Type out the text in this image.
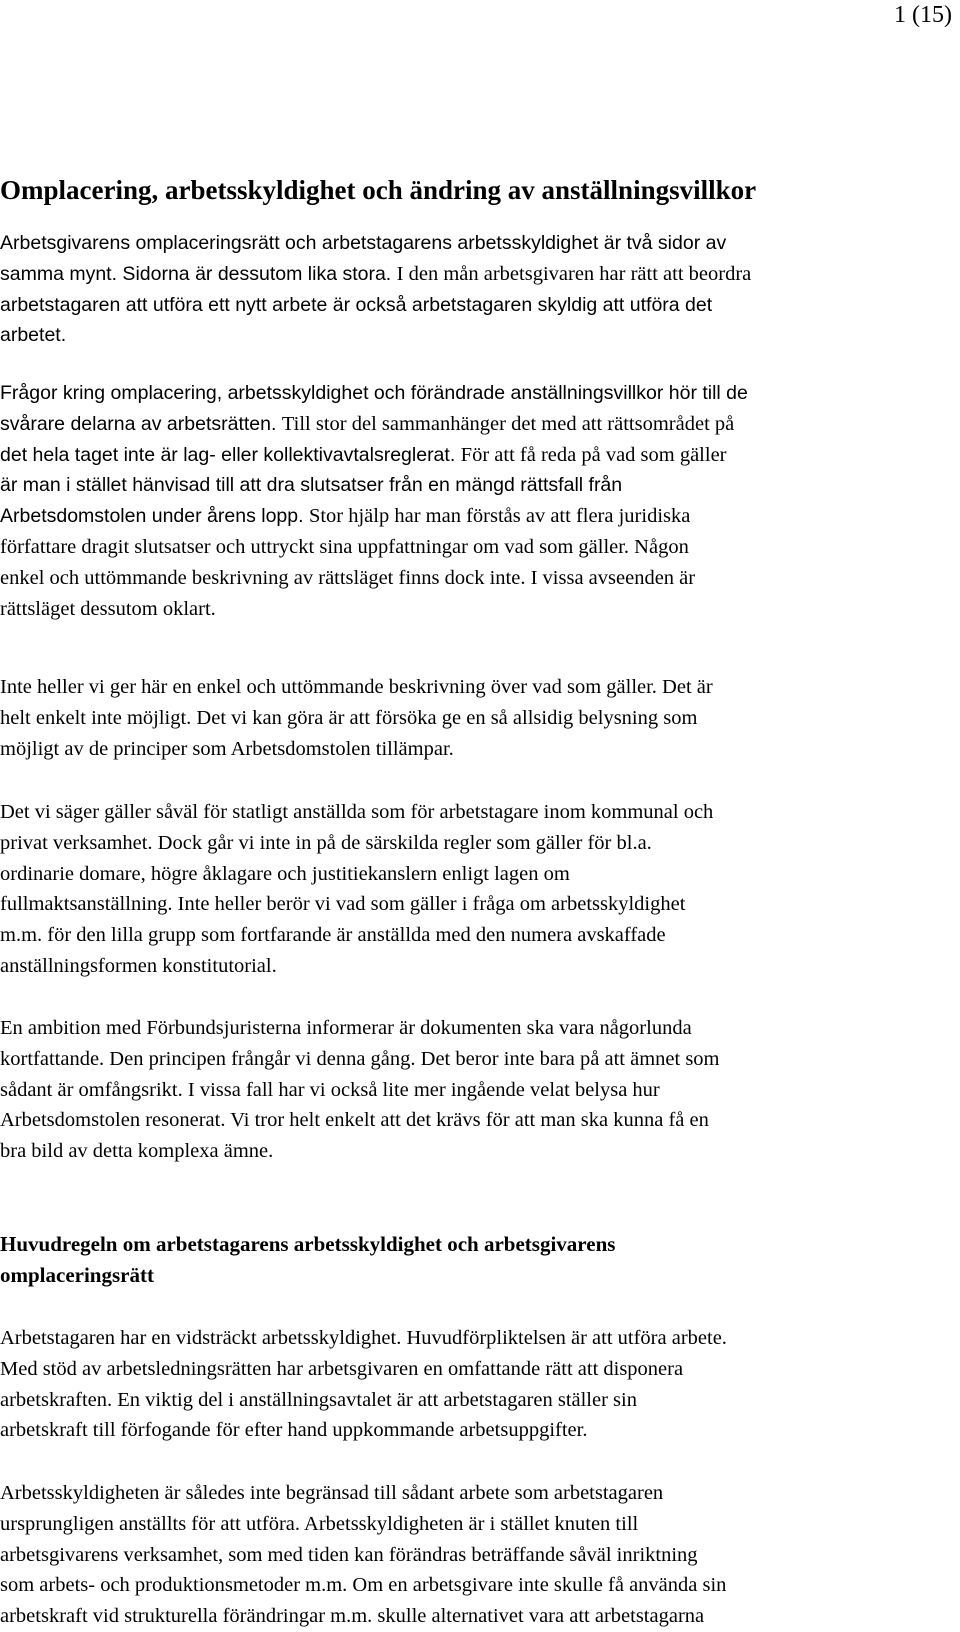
1 (15)
Omplacering, arbetsskyldighet och ändring av anställningsvillkor

Arbetsgivarens omplaceringsrätt och arbetstagarens arbetsskyldighet är två sidor av
samma mynt. Sidorna är dessutom lika stora. I den mån arbetsgivaren har rätt att beordra
arbetstagaren att utföra ett nytt arbete är också arbetstagaren skyldig att utföra det
arbetet.

Frågor kring omplacering, arbetsskyldighet och förändrade anställningsvillkor hör till de
svårare delarna av arbetsrätten. Till stor del sammanhänger det med att rättsområdet på
det hela taget inte är lag- eller kollektivavtalsreglerat. För att få reda på vad som gäller
är man i stället hänvisad till att dra slutsatser från en mängd rättsfall från
Arbetsdomstolen under årens lopp. Stor hjälp har man förstås av att flera juridiska
författare dragit slutsatser och uttryckt sina uppfattningar om vad som gäller. Någon
enkel och uttömmande beskrivning av rättsläget finns dock inte. I vissa avseenden är
rättsläget dessutom oklart.

Inte heller vi ger här en enkel och uttömmande beskrivning över vad som gäller. Det är
helt enkelt inte möjligt. Det vi kan göra är att försöka ge en så allsidig belysning som
möjligt av de principer som Arbetsdomstolen tillämpar.

Det vi säger gäller såväl för statligt anställda som för arbetstagare inom kommunal och
privat verksamhet. Dock går vi inte in på de särskilda regler som gäller för bl.a.
ordinarie domare, högre åklagare och justitiekanslern enligt lagen om
fullmaktsanställning. Inte heller berör vi vad som gäller i fråga om arbetsskyldighet
m.m. för den lilla grupp som fortfarande är anställda med den numera avskaffade
anställningsformen konstitutorial.

En ambition med Förbundsjuristerna informerar är dokumenten ska vara någorlunda
kortfattande. Den principen frångår vi denna gång. Det beror inte bara på att ämnet som
sådant är omfångsrikt. I vissa fall har vi också lite mer ingående velat belysa hur
Arbetsdomstolen resonerat. Vi tror helt enkelt att det krävs för att man ska kunna få en
bra bild av detta komplexa ämne.

Huvudregeln om arbetstagarens arbetsskyldighet och arbetsgivarens
omplaceringsrätt

Arbetstagaren har en vidsträckt arbetsskyldighet. Huvudförpliktelsen är att utföra arbete.
Med stöd av arbetsledningsrätten har arbetsgivaren en omfattande rätt att disponera
arbetskraften. En viktig del i anställningsavtalet är att arbetstagaren ställer sin
arbetskraft till förfogande för efter hand uppkommande arbetsuppgifter.

Arbetsskyldigheten är således inte begränsad till sådant arbete som arbetstagaren
ursprungligen anställts för att utföra. Arbetsskyldigheten är i stället knuten till
arbetsgivarens verksamhet, som med tiden kan förändras beträffande såväl inriktning
som arbets- och produktionsmetoder m.m. Om en arbetsgivare inte skulle få använda sin
arbetskraft vid strukturella förändringar m.m. skulle alternativet vara att arbetstagarna
